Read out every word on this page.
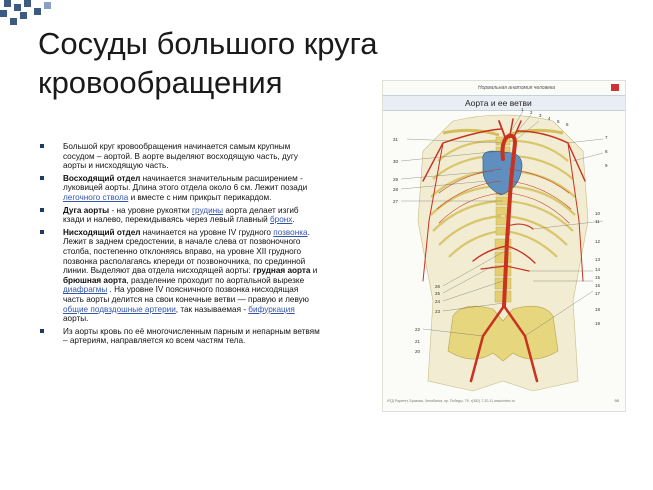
Сосуды большого круга кровообращения
Большой круг кровообращения начинается самым крупным сосудом – аортой. В аорте выделяют восходящую часть, дугу аорты и нисходящую часть.
Восходящий отдел начинается значительным расширением - луковицей аорты. Длина этого отдела около 6 см. Лежит позади легочного ствола и вместе с ним прикрыт перикардом.
Дуга аорты - на уровне рукоятки грудины аорта делает изгиб кзади и налево, перекидываясь через левый главный бронх.
Нисходящий отдел начинается на уровне IV грудного позвонка. Лежит в заднем средостении, в начале слева от позвоночного столба, постепенно отклоняясь вправо, на уровне XII грудного позвонка располагаясь кпереди от позвоночника, по срединной линии. Выделяют два отдела нисходящей аорты: грудная аорта и брюшная аорта, разделение проходит по аортальной вырезке диафрагмы . На уровне IV поясничного позвонка нисходящая часть аорты делится на свои конечные ветви — правую и левую общие подвздошные артерии, так называемая - бифуркация аорты.
Из аорты кровь по её многочисленным парным и непарным ветвям – артериям, направляется ко всем частям тела.
Нормальная анатомия человека
Аорта и ее ветви
31
30
29
28
27
26
25
24
23
22
21
20
1
2
3
4
5
6
7
8
9
10
11
12
13
14
15
16
17
18
19
ИТД Раритет, Бразова, Челябинск, пр. Победы, 75, т(382) 7-20-11 www.imtec.ru	90
